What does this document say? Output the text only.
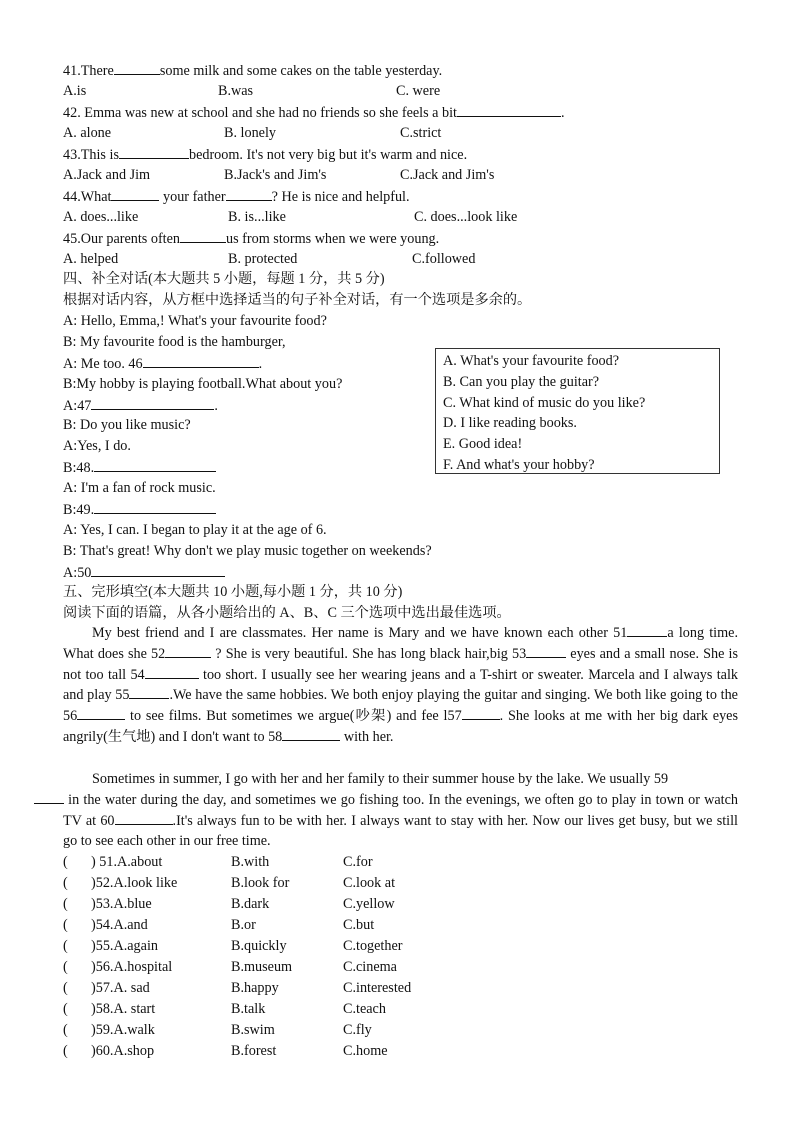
41.There	some milk and some cakes on the table yesterday.
A.is	B.was	C. were
42. Emma was new at school and she had no friends so she feels a bit	.
A. alone	B. lonely	C.strict
43.This is	bedroom. It's not very big but it's warm and nice.
A.Jack and Jim	B.Jack's and Jim's	C.Jack and Jim's
44.What	your father	? He is nice and helpful.
A. does...like	B. is...like	C. does...look like
45.Our parents often	us from storms when we were young.
A. helped	B. protected	C.followed
四、补全对话(本大题共 5 小题，每题 1 分，共 5 分)
根据对话内容，从方框中选择适当的句子补全对话，有一个选项是多余的。
A: Hello, Emma,! What's your favourite food?
B: My favourite food is the hamburger,
A: Me too. 46	.
B:My hobby is playing football.What about you?
A:47	.
B: Do you like music?
A:Yes, I do.
B:48.
A: I'm a fan of rock music.
B:49.
A: Yes, I can. I began to play it at the age of 6.
B: That's great! Why don't we play music together on weekends?
A:50
A. What's your favourite food?
B. Can you play the guitar?
C. What kind of music do you like?
D. I like reading books.
E. Good idea!
F. And what's your hobby?
五、完形填空(本大题共 10 小题,每小题 1 分，共 10 分)
阅读下面的语篇，从各小题给出的 A、B、C 三个选项中选出最佳选项。

My best friend and I are classmates. Her name is Mary and we have known each other 51	a long time. What does she 52	? She is very beautiful. She has long black hair,big 53	eyes and a small nose. She is not too tall 54	too short. I usually see her wearing jeans and a T-shirt or sweater. Marcela and I always talk and play 55	.We have the same hobbies. We both enjoy playing the guitar and singing. We both like going to the 56	to see films. But sometimes we argue(吵架) and fee l57	. She looks at me with her big dark eyes angrily(生气地) and I don't want to 58	with her.

Sometimes in summer, I go with her and her family to their summer house by the lake. We usually 59
in the water during the day, and sometimes we go fishing too. In the evenings, we often go to play in town or watch TV at 60	.It's always fun to be with her. I always want to stay with her. Now our lives get busy, but we still go to see each other in our free time.

( ) 51.A.about	B.with	C.for
( )52.A.look like	B.look for	C.look at
( )53.A.blue	B.dark	C.yellow
( )54.A.and	B.or	C.but
( )55.A.again	B.quickly	C.together
( )56.A.hospital	B.museum	C.cinema
( )57.A. sad	B.happy	C.interested
( )58.A. start	B.talk	C.teach
( )59.A.walk	B.swim	C.fly
( )60.A.shop	B.forest	C.home
